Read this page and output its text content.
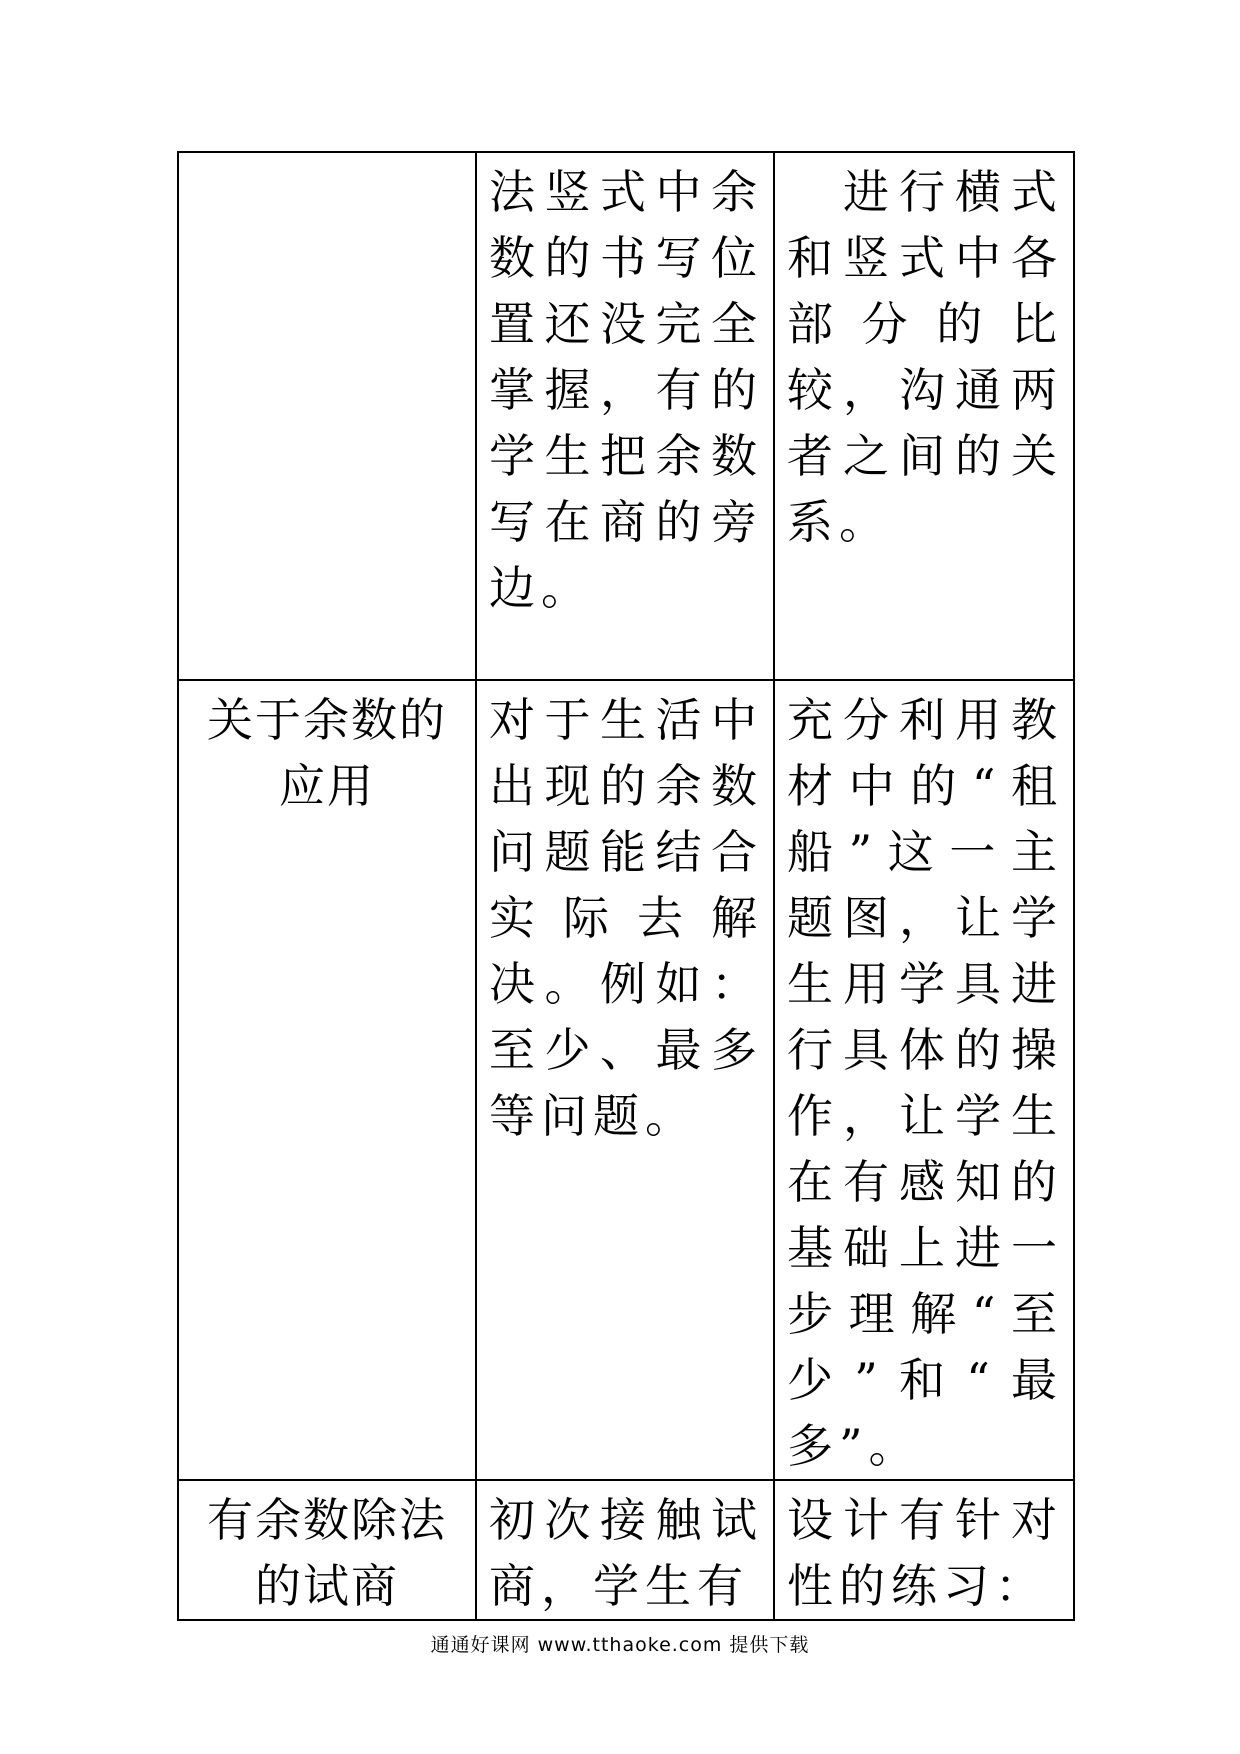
	法竖式中余数的书写位置还没完全掌握，有的学生把余数写在商的旁边。	　进行横式和竖式中各部分的比较，沟通两者之间的关系。
关于余数的应用	对于生活中出现的余数问题能结合实际去解决。例如：至少、最多等问题。	充分利用教材中的“租船”这一主题图，让学生用学具进行具体的操作，让学生在有感知的基础上进一步理解“至少”和“最多”。
有余数除法的试商	初次接触试商，学生有	设计有针对性的练习：
通通好课网 www.tthaoke.com 提供下载
